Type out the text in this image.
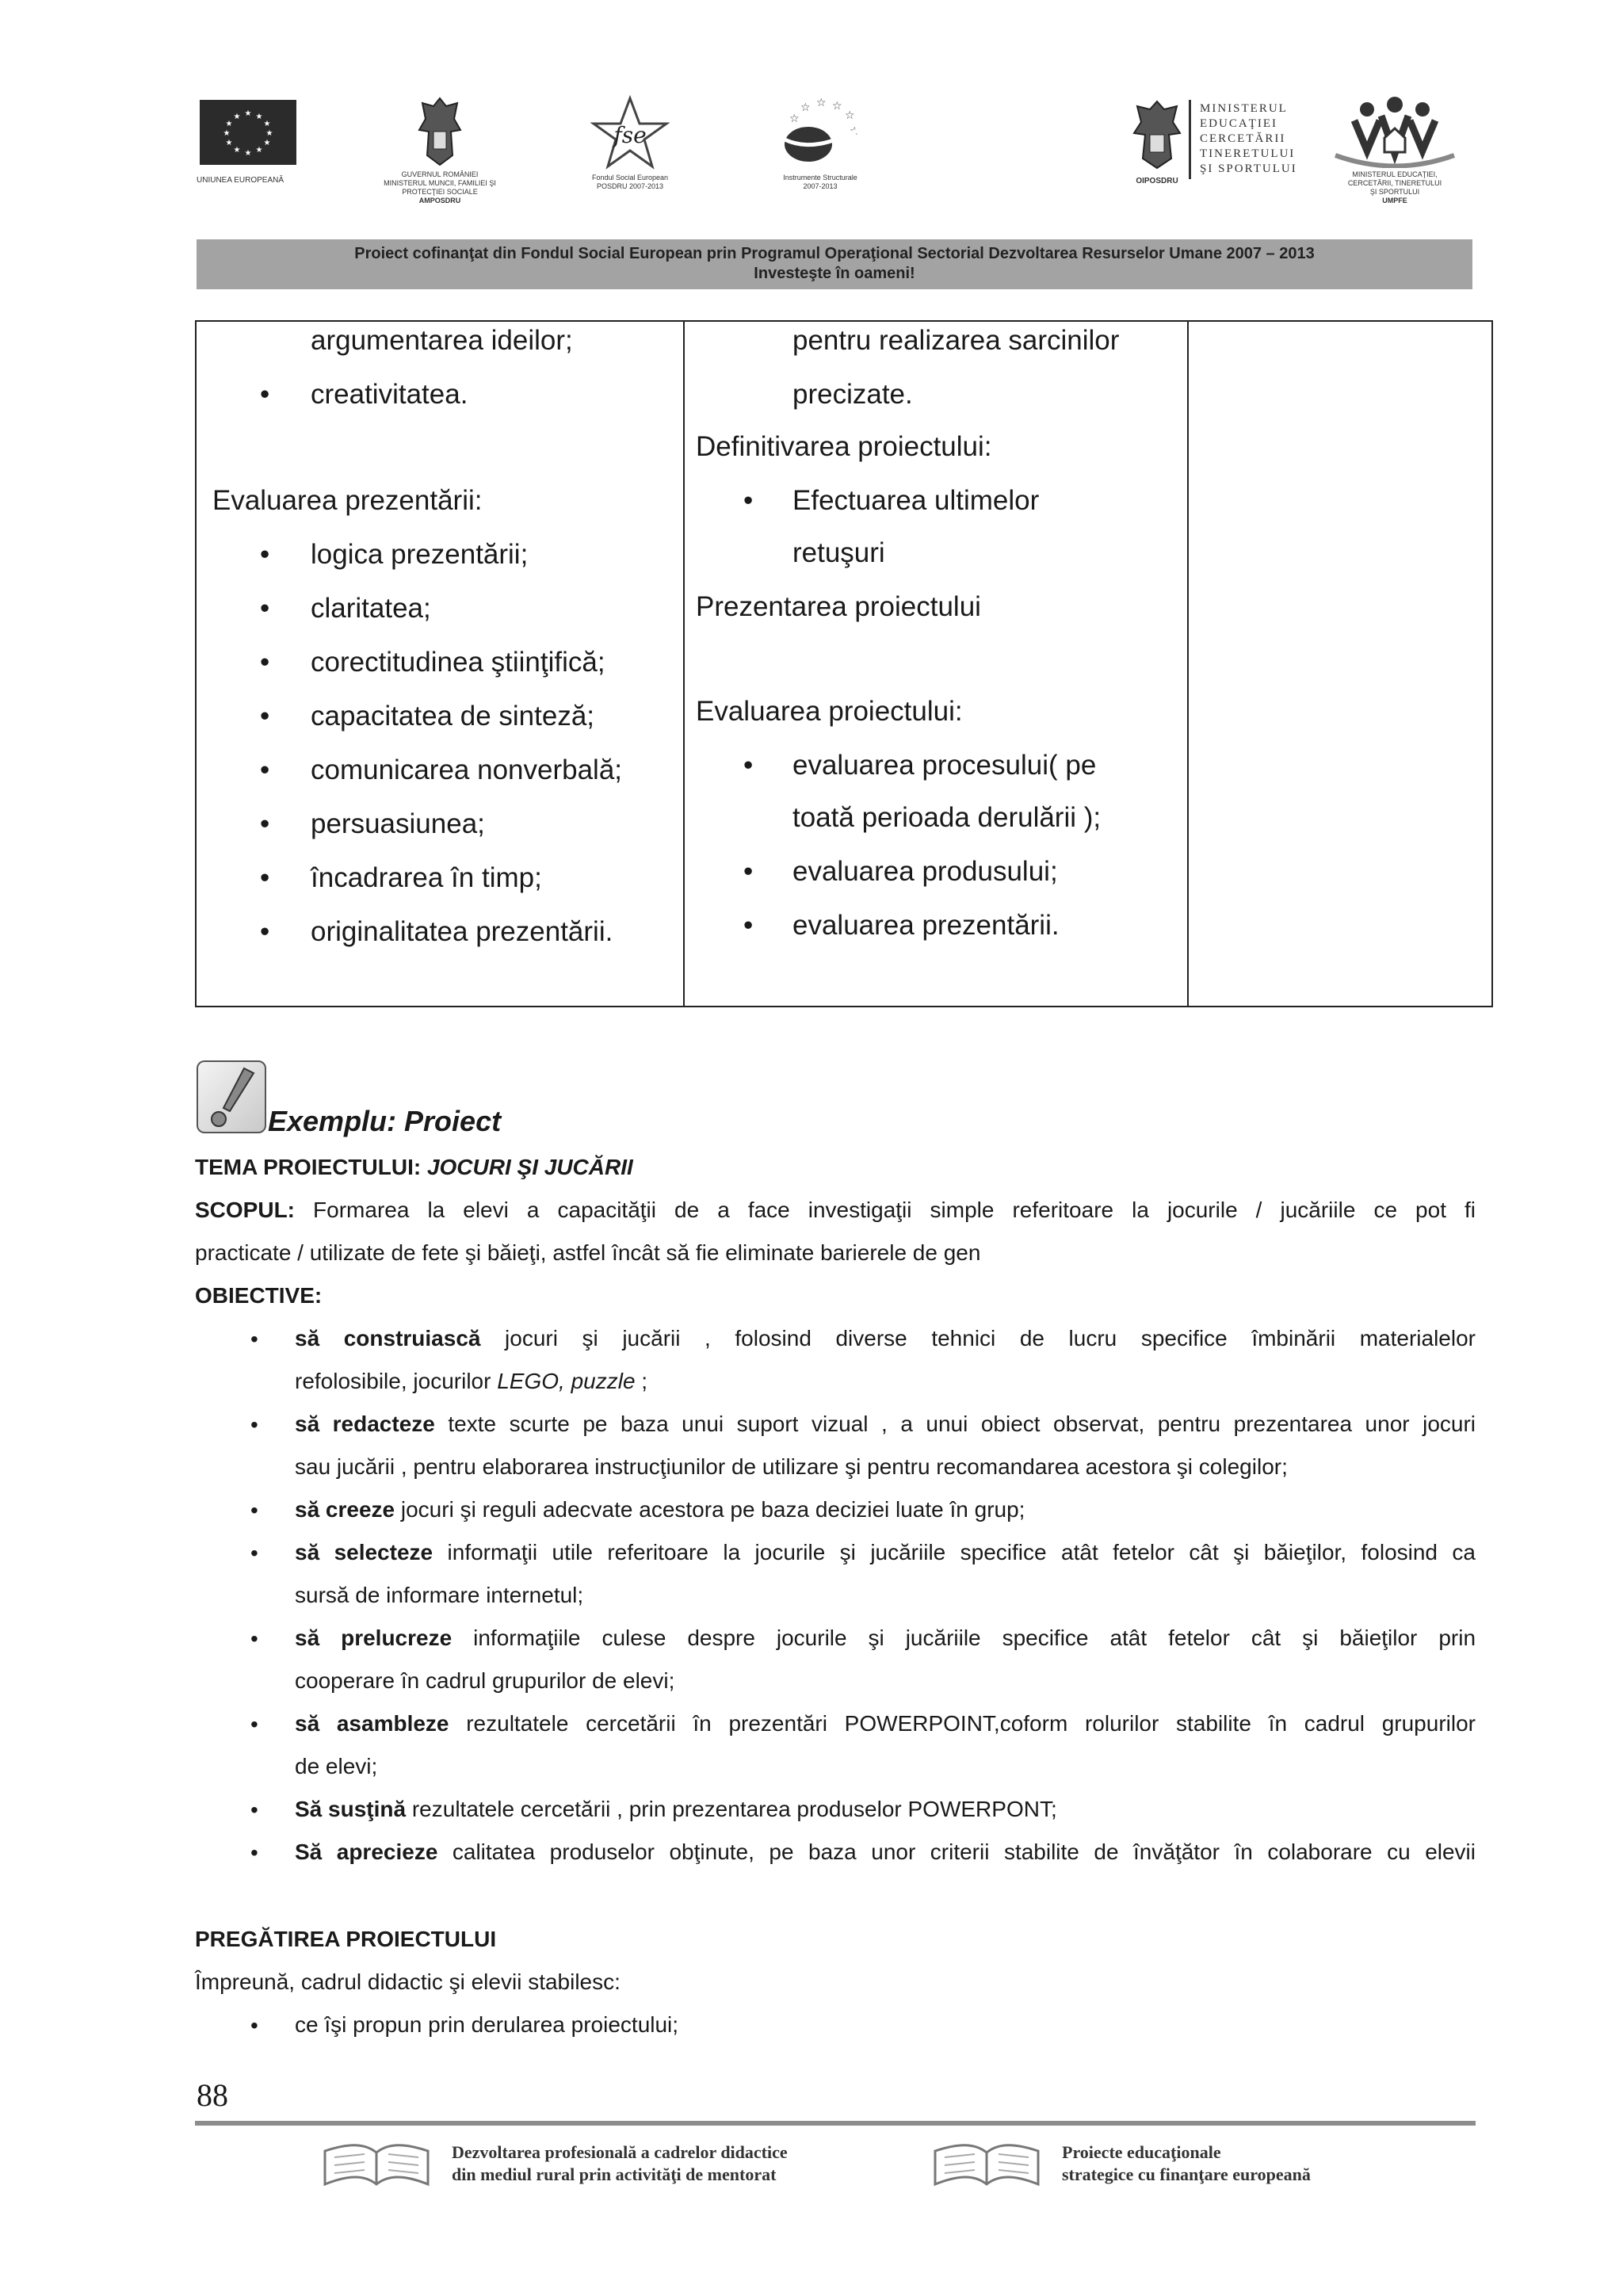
★ ★
★
★
★
★
★
★
★
★
★
★
UNIUNEA EUROPEANĂ
GUVERNUL ROMÂNIEI
MINISTERUL MUNCII, FAMILIEI ŞI
PROTECŢIEI SOCIALE
AMPOSDRU
fse
Fondul Social European
POSDRU 2007-2013
☆ ☆ ☆
☆
☆
☆
Instrumente Structurale
2007-2013
OIPOSDRU
MINISTERUL
EDUCAŢIEI
CERCETĂRII
TINERETULUI
ŞI SPORTULUI	MINISTERUL EDUCAŢIEI,
CERCETĂRII, TINERETULUI
ŞI SPORTULUI
UMPFE
Proiect cofinanţat din Fondul Social European prin Programul Operaţional Sectorial Dezvoltarea Resurselor Umane 2007 – 2013
Investeşte în oameni!
argumentarea ideilor;
• creativitatea.
Evaluarea prezentării:
• logica prezentării;
• claritatea;
• corectitudinea ştiinţifică;
• capacitatea de sinteză;
• comunicarea nonverbală;
• persuasiunea;
• încadrarea în timp;
• originalitatea prezentării.
pentru realizarea sarcinilor
precizate.
Definitivarea proiectului:
• Efectuarea ultimelor
retuşuri
Prezentarea proiectului
Evaluarea proiectului:
• evaluarea procesului( pe
toată perioada derulării );
• evaluarea produsului;
• evaluarea prezentării.
Exemplu: Proiect
TEMA PROIECTULUI: JOCURI ŞI JUCĂRII
SCOPUL: Formarea la elevi a capacităţii de a face investigaţii simple referitoare la jocurile / jucăriile ce pot fi
practicate / utilizate de fete şi băieţi, astfel încât să fie eliminate barierele de gen
OBIECTIVE:
• să construiască jocuri şi jucării , folosind diverse tehnici de lucru specifice îmbinării materialelor
refolosibile, jocurilor LEGO, puzzle ;
• să redacteze texte scurte pe baza unui suport vizual , a unui obiect observat, pentru prezentarea unor jocuri
sau jucării , pentru elaborarea instrucţiunilor de utilizare şi pentru recomandarea acestora şi colegilor;
• să creeze jocuri şi reguli adecvate acestora pe baza deciziei luate în grup;
• să selecteze informaţii utile referitoare la jocurile şi jucăriile specifice atât fetelor cât şi băieţilor, folosind ca
sursă de informare internetul;
• să prelucreze informaţiile culese despre jocurile şi jucăriile specifice atât fetelor cât şi băieţilor prin
cooperare în cadrul grupurilor de elevi;
• să asambleze rezultatele cercetării în prezentări POWERPOINT,coform rolurilor stabilite în cadrul grupurilor
de elevi;
• Să susţină rezultatele cercetării , prin prezentarea produselor POWERPONT;
• Să aprecieze calitatea produselor obţinute, pe baza unor criterii stabilite de învăţător în colaborare cu elevii
PREGĂTIREA PROIECTULUI
Împreună, cadrul didactic şi elevii stabilesc:
• ce îşi propun prin derularea proiectului;
88
Dezvoltarea profesională a cadrelor didactice
din mediul rural prin activităţi de mentorat
Proiecte educaţionale
strategice cu finanţare europeană
